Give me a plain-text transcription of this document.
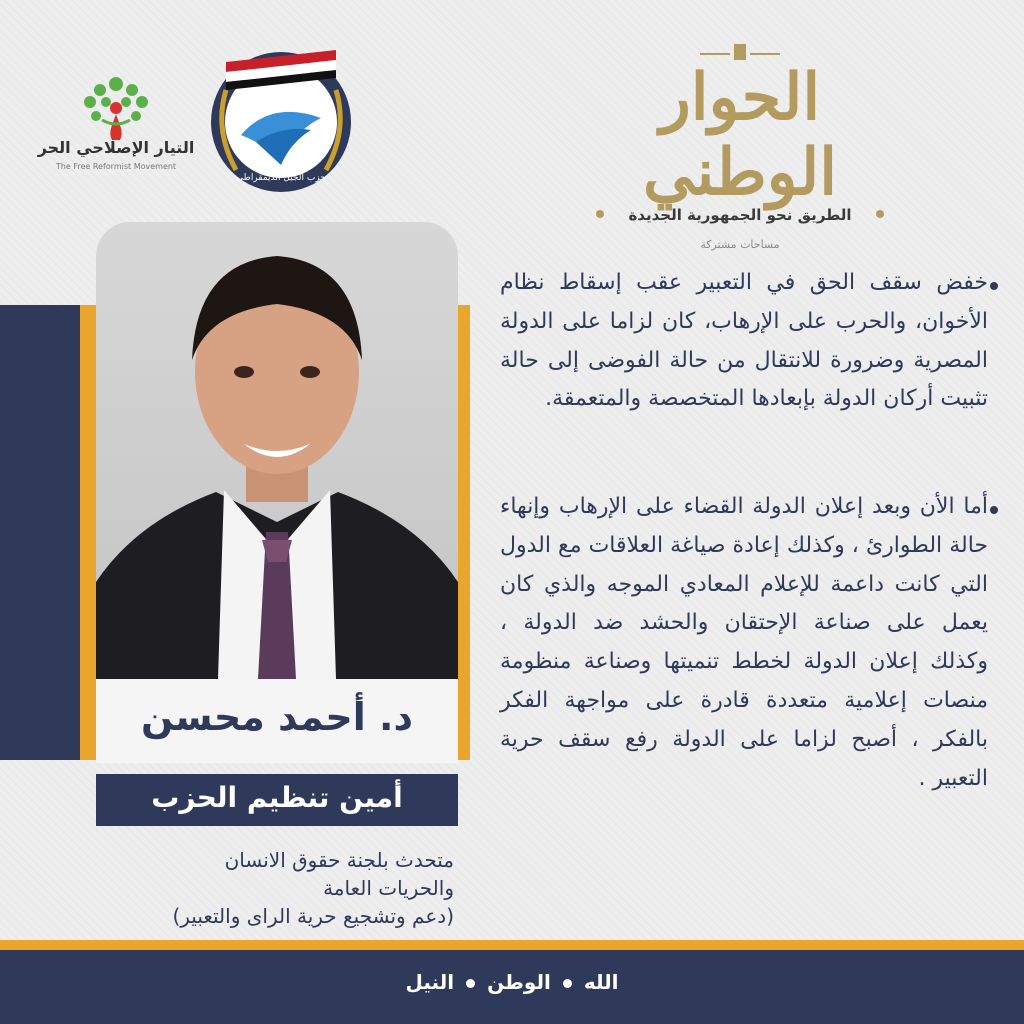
التيار الإصلاحي الحر
The Free Reformist Movement
حزب الجيل الديمقراطي
الحوار الوطني
الطريق نحو الجمهورية الجديدة
مساحات مشتركة
د. أحمد محسن
أمين تنظيم الحزب
متحدث بلجنة حقوق الانسان
والحريات العامة
(دعم وتشجيع حرية الراى والتعبير)
خفض سقف الحق في التعبير عقب إسقاط نظام الأخوان، والحرب على الإرهاب، كان لزاما على الدولة المصرية وضرورة للانتقال من حالة الفوضى إلى حالة تثبيت أركان الدولة بإبعادها المتخصصة والمتعمقة.
أما الأن وبعد إعلان الدولة القضاء على الإرهاب وإنهاء حالة الطوارئ ، وكذلك إعادة صياغة العلاقات مع الدول التي كانت داعمة للإعلام المعادي الموجه والذي كان يعمل على صناعة الإحتقان والحشد ضد الدولة ، وكذلك إعلان الدولة لخطط تنميتها وصناعة منظومة منصات إعلامية متعددة قادرة على مواجهة الفكر بالفكر ، أصبح لزاما على الدولة رفع سقف حرية التعبير .
اللهالوطنالنيل
